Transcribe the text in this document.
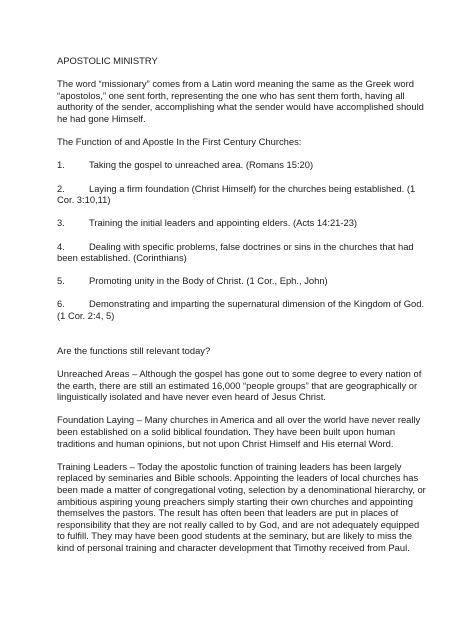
APOSTOLIC MINISTRY

The word “missionary” comes from a Latin word meaning the same as the Greek word “apostolos,” one sent forth, representing the one who has sent them forth, having all authority of the sender, accomplishing what the sender would have accomplished should he had gone Himself.

The Function of and Apostle In the First Century Churches:

1.	Taking the gospel to unreached area. (Romans 15:20)

2.	Laying a firm foundation (Christ Himself) for the churches being established. (1 Cor. 3:10,11)

3.	Training the initial leaders and appointing elders. (Acts 14:21-23)

4.	Dealing with specific problems, false doctrines or sins in the churches that had been established. (Corinthians)

5.	Promoting unity in the Body of Christ. (1 Cor., Eph., John)

6.	Demonstrating and imparting the supernatural dimension of the Kingdom of God. (1 Cor. 2:4, 5)

Are the functions still relevant today?

Unreached Areas – Although the gospel has gone out to some degree to every nation of the earth, there are still an estimated 16,000 “people groups” that are geographically or linguistically isolated and have never even heard of Jesus Christ.

Foundation Laying – Many churches in America and all over the world have never really been established on a solid biblical foundation. They have been built upon human traditions and human opinions, but not upon Christ Himself and His eternal Word.

Training Leaders – Today the apostolic function of training leaders has been largely replaced by seminaries and Bible schools. Appointing the leaders of local churches has been made a matter of congregational voting, selection by a denominational hierarchy, or ambitious aspiring young preachers simply starting their own churches and appointing themselves the pastors. The result has often been that leaders are put in places of responsibility that they are not really called to by God, and are not adequately equipped to fulfill. They may have been good students at the seminary, but are likely to miss the kind of personal training and character development that Timothy received from Paul.
